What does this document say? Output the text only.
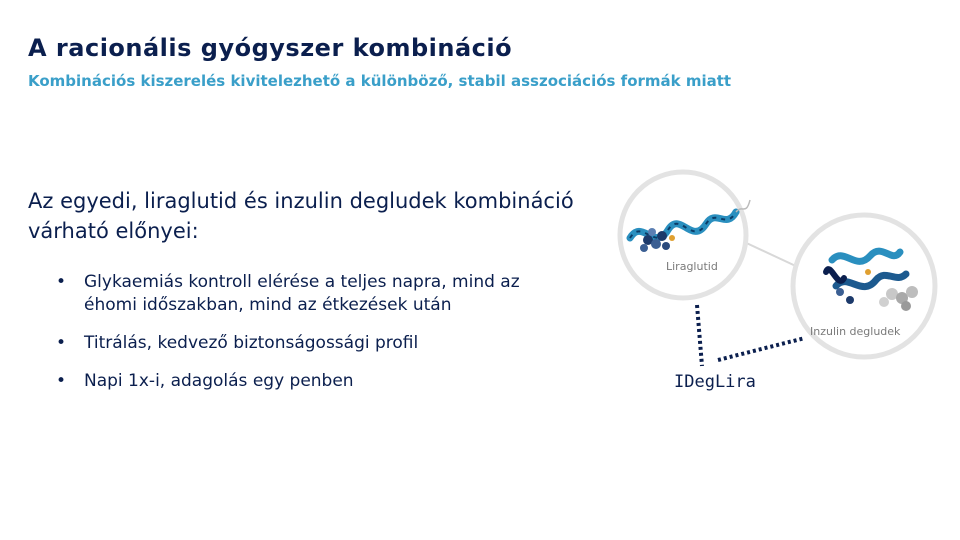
A racionális gyógyszer kombináció
Kombinációs kiszerelés kivitelezhető a különböző, stabil asszociációs formák miatt
Az egyedi, liraglutid és inzulin degludek kombináció várható előnyei:
• Glykaemiás kontroll elérése a teljes napra, mind az éhomi időszakban, mind az étkezések után
• Titrálás, kedvező biztonságossági profil
• Napi 1x-i, adagolás egy penben
Liraglutid
Inzulin degludek
IDegLira
